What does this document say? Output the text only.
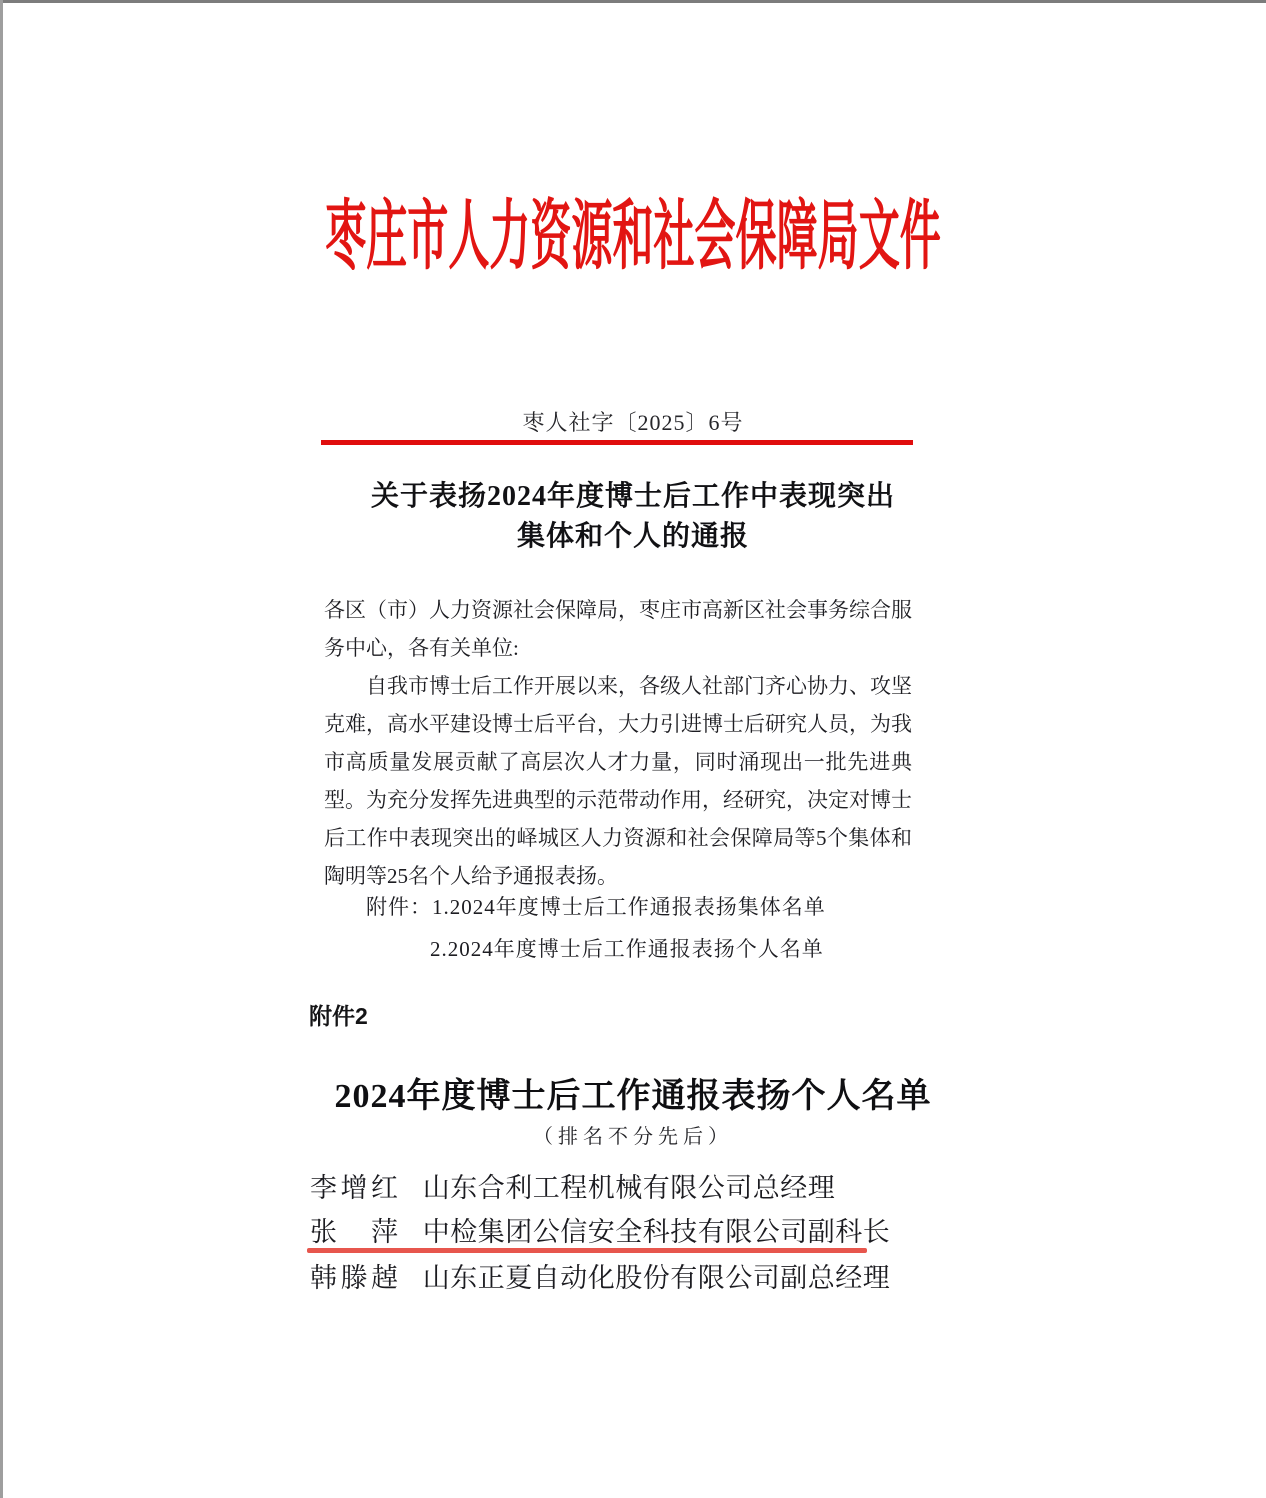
枣庄市人力资源和社会保障局文件
枣人社字〔2025〕6号
关于表扬2024年度博士后工作中表现突出
集体和个人的通报
各区（市）人力资源社会保障局，枣庄市高新区社会事务综合服
务中心，各有关单位:
自我市博士后工作开展以来，各级人社部门齐心协力、攻坚
克难，高水平建设博士后平台，大力引进博士后研究人员，为我
市高质量发展贡献了高层次人才力量，同时涌现出一批先进典
型。为充分发挥先进典型的示范带动作用，经研究，决定对博士
后工作中表现突出的峄城区人力资源和社会保障局等5个集体和
陶明等25名个人给予通报表扬。
附件：1.2024年度博士后工作通报表扬集体名单
2.2024年度博士后工作通报表扬个人名单
附件2
2024年度博士后工作通报表扬个人名单
（排名不分先后）
李增红 山东合利工程机械有限公司总经理
张　萍 中检集团公信安全科技有限公司副科长
韩滕趠 山东正夏自动化股份有限公司副总经理
